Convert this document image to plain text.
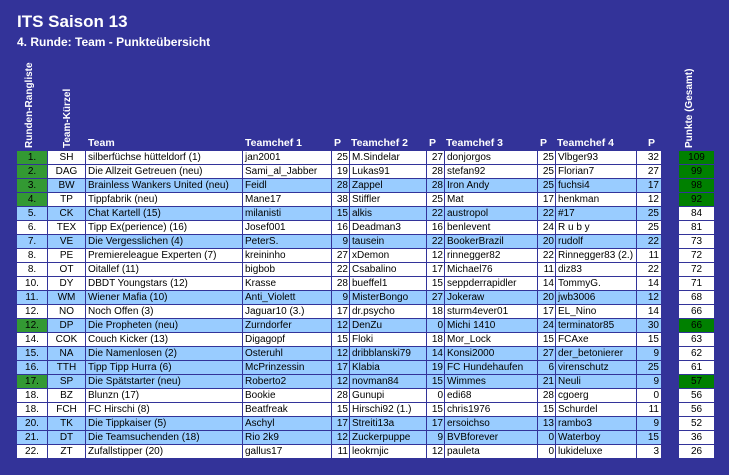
ITS Saison 13
4. Runde: Team - Punkteübersicht
Runden-Rangliste	Team-Kürzel	Punkte (Gesamt)
Team	Teamchef 1	P Teamchef 2 P Teamchef 3	P Teamchef 4	P
1.	SH	silberfüchse hütteldorf (1)	jan2001	25 M.Sindelar	27 donjorgos	25 Vlbger93	32	109
2.	DAG	Die Allzeit Getreuen (neu)	Sami_al_Jabber	19 Lukas91	28 stefan92	25 Florian7	27	99
3.	BW	Brainless Wankers United (neu)	Feidl	28 Zappel	28 Iron Andy	25 fuchsi4	17	98
4.	TP	Tippfabrik (neu)	Mane17	38 Stiffler	25 Mat	17 henkman	12	92
5.	CK	Chat Kartell (15)	milanisti	15 alkis	22 austropol	22 #17	25	84
6.	TEX	Tipp Ex(perience) (16)	Josef001	16 Deadman3	16 benlevent	24 R u b y	25	81
7.	VE	Die Vergesslichen (4)	PeterS.	9 tausein	22 BookerBrazil	20 rudolf	22	73
8.	PE	Premiereleague Experten (7)	kreininho	27 xDemon	12 rinnegger82	22 Rinnegger83 (2.)	11	72
8.	OT	Oitallef (11)	bigbob	22 Csabalino	17 Michael76	11 diz83	22	72
10.	DY	DBDT Youngstars (12)	Krasse	28 bueffel1	15 seppderrapidler	14 TommyG.	14	71
11.	WM	Wiener Mafia (10)	Anti_Violett	9 MisterBongo	27 Jokeraw	20 jwb3006	12	68
12.	NO	Noch Offen (3)	Jaguar10 (3.)	17 dr.psycho	18 sturm4ever01	17 EL_Nino	14	66
12.	DP	Die Propheten (neu)	Zurndorfer	12 DenZu	0 Michi 1410	24 terminator85	30	66
14.	COK	Couch Kicker (13)	Digagopf	15 Floki	18 Mor_Lock	15 FCAxe	15	63
15.	NA	Die Namenlosen (2)	Osteruhl	12 dribblanski79	14 Konsi2000	27 der_betonierer	9	62
16.	TTH	Tipp Tipp Hurra (6)	McPrinzessin	17 Klabia	19 FC Hundehaufen	6 virenschutz	25	61
17.	SP	Die Spätstarter (neu)	Roberto2	12 novman84	15 Wimmes	21 Neuli	9	57
18.	BZ	Blunzn (17)	Bookie	28 Gunupi	0 edi68	28 cgoerg	0	56
18.	FCH	FC Hirschi (8)	Beatfreak	15 Hirschi92 (1.)	15 chris1976	15 Schurdel	11	56
20.	TK	Die Tippkaiser (5)	Aschyl	17 Streiti13a	17 ersoichso	13 rambo3	9	52
21.	DT	Die Teamsuchenden (18)	Rio 2k9	12 Zuckerpuppe	9 BVBforever	0 Waterboy	15	36
22.	ZT	Zufallstipper (20)	gallus17	11 leokrnjic	12 pauleta	0 lukideluxe	3	26
